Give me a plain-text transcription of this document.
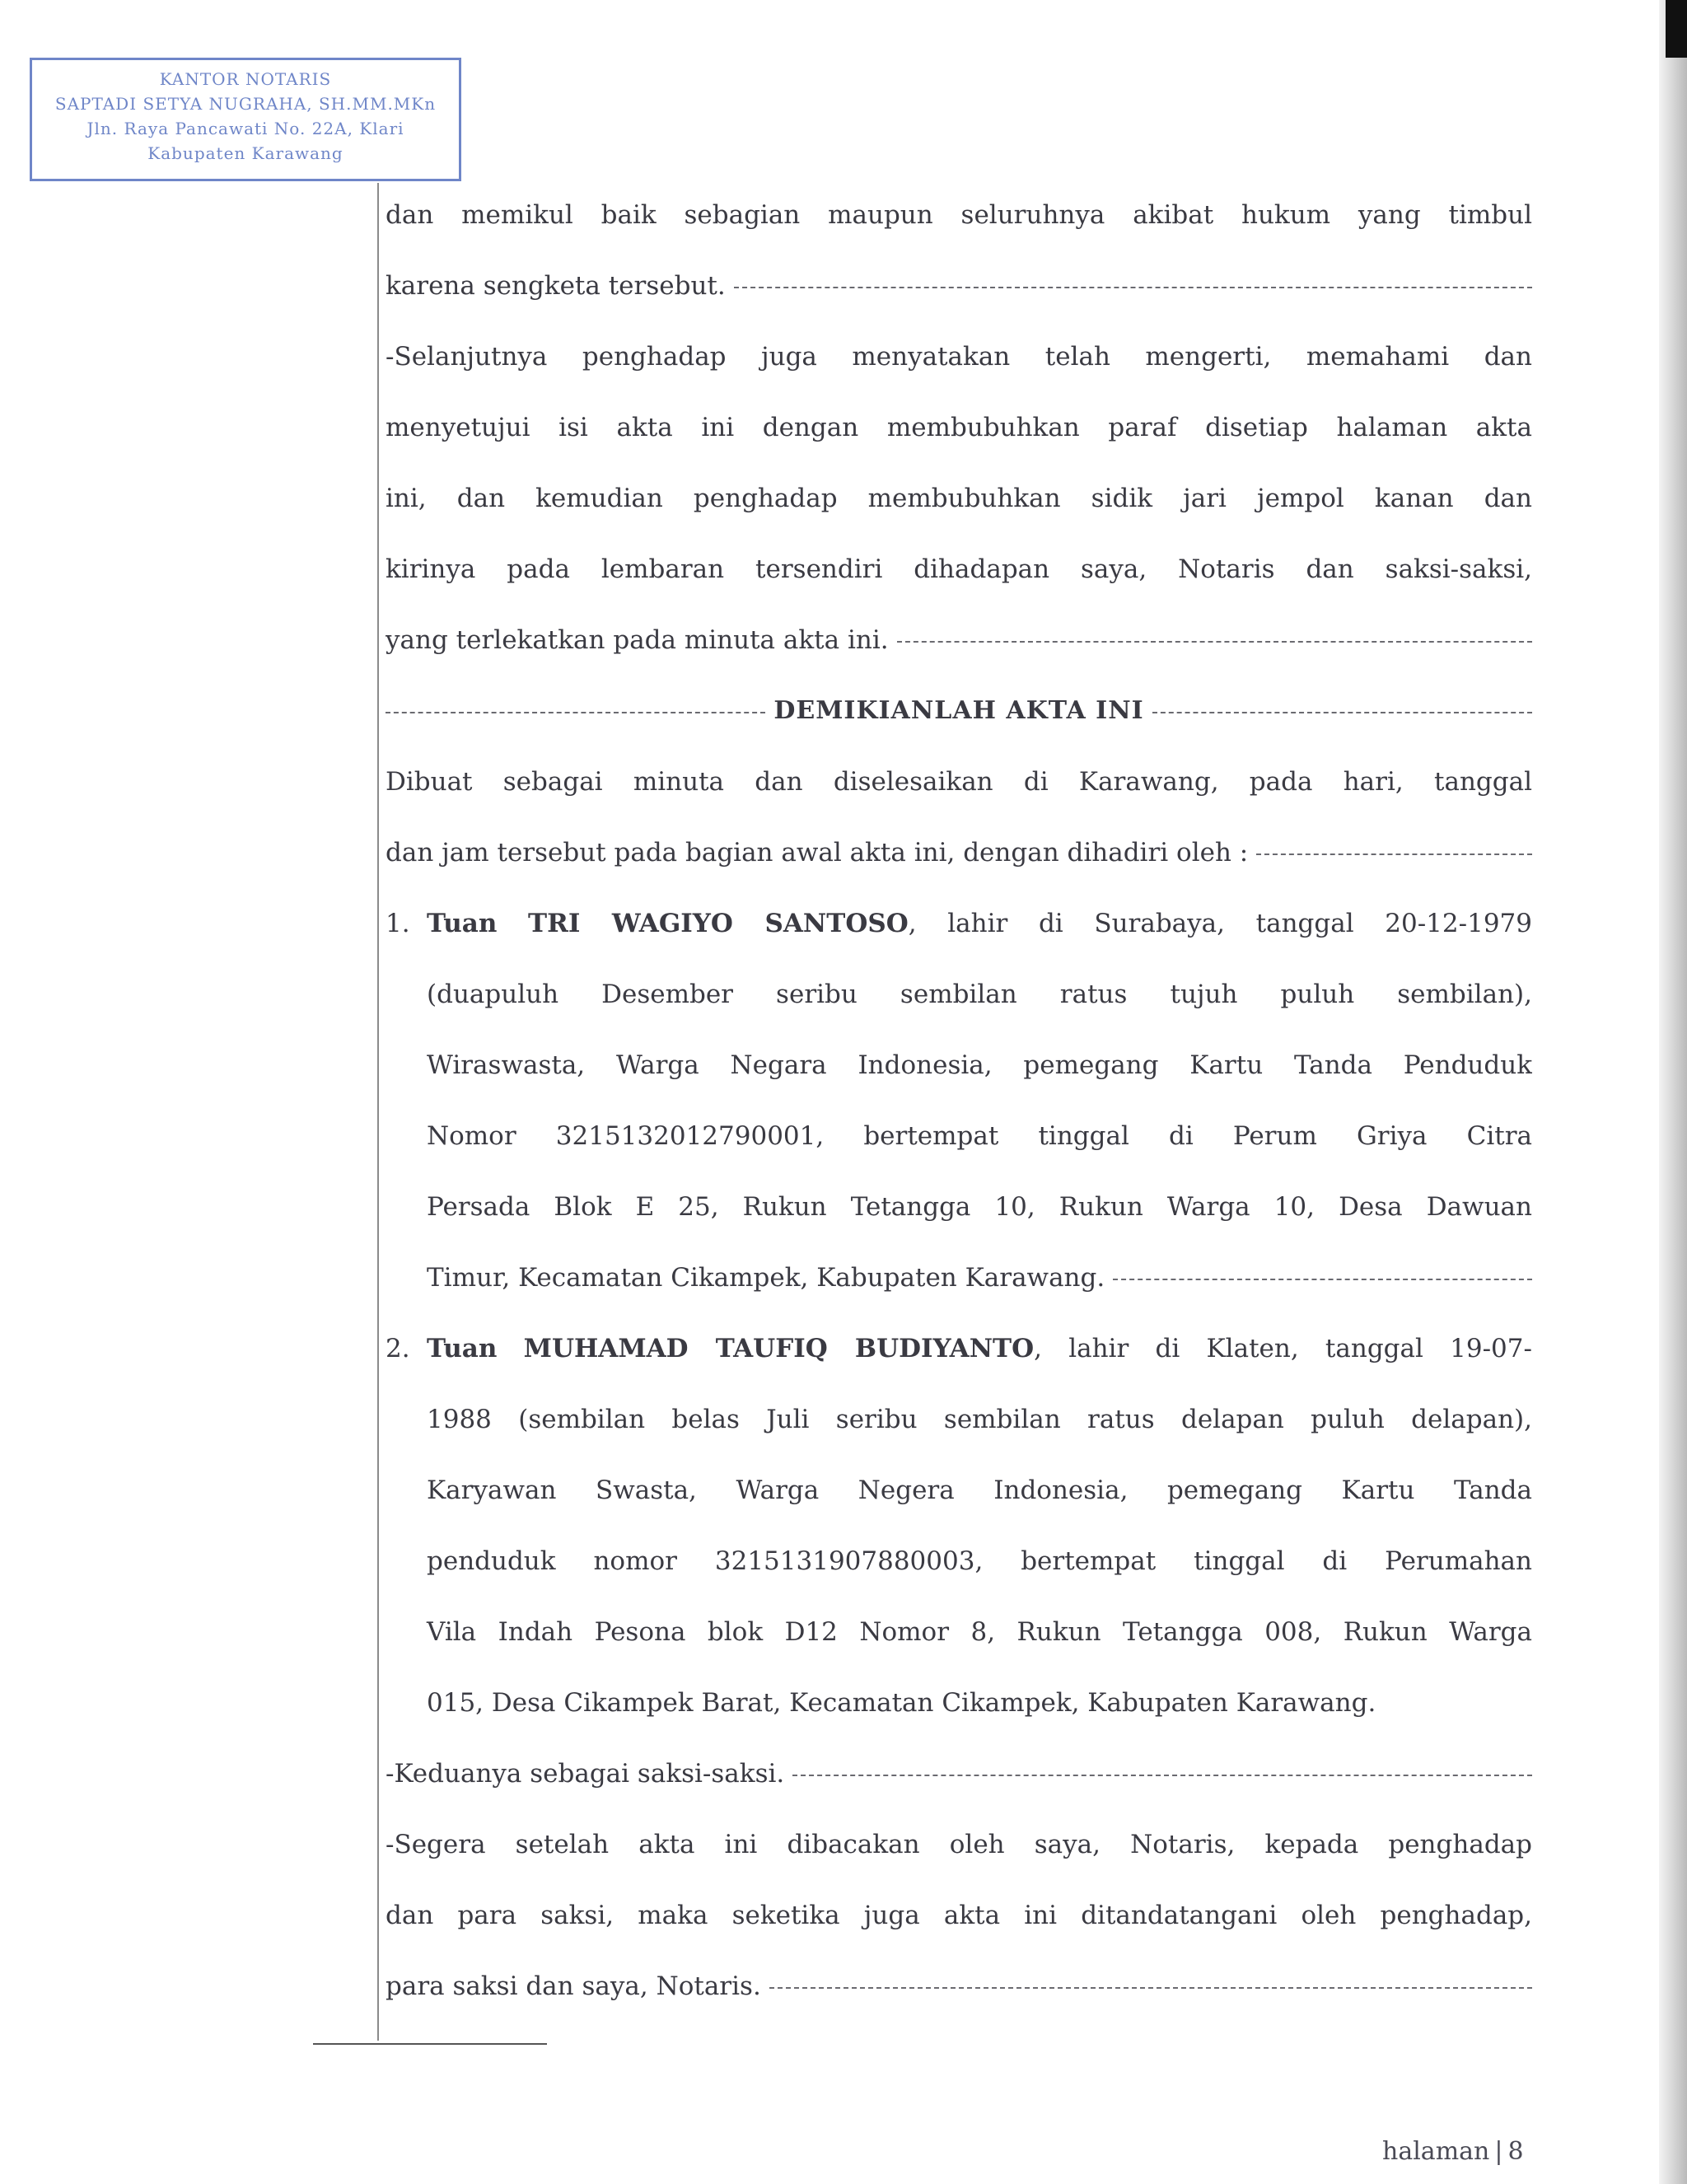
KANTOR NOTARIS
SAPTADI SETYA NUGRAHA, SH.MM.MKn
Jln. Raya Pancawati No. 22A, Klari
Kabupaten Karawang
dan memikul baik sebagian maupun seluruhnya akibat hukum yang timbul
karena sengketa tersebut.
-Selanjutnya penghadap juga menyatakan telah mengerti, memahami dan
menyetujui isi akta ini dengan membubuhkan paraf disetiap halaman akta
ini, dan kemudian penghadap membubuhkan sidik jari jempol kanan dan
kirinya pada lembaran tersendiri dihadapan saya, Notaris dan saksi-saksi,
yang terlekatkan pada minuta akta ini.
DEMIKIANLAH AKTA INI
Dibuat sebagai minuta dan diselesaikan di Karawang, pada hari, tanggal
dan jam tersebut pada bagian awal akta ini, dengan dihadiri oleh :
1. Tuan TRI WAGIYO SANTOSO, lahir di Surabaya, tanggal 20-12-1979
(duapuluh Desember seribu sembilan ratus tujuh puluh sembilan),
Wiraswasta, Warga Negara Indonesia, pemegang Kartu Tanda Penduduk
Nomor 3215132012790001, bertempat tinggal di Perum Griya Citra
Persada Blok E 25, Rukun Tetangga 10, Rukun Warga 10, Desa Dawuan
Timur, Kecamatan Cikampek, Kabupaten Karawang.
2. Tuan MUHAMAD TAUFIQ BUDIYANTO, lahir di Klaten, tanggal 19-07-
1988 (sembilan belas Juli seribu sembilan ratus delapan puluh delapan),
Karyawan Swasta, Warga Negera Indonesia, pemegang Kartu Tanda
penduduk nomor 3215131907880003, bertempat tinggal di Perumahan
Vila Indah Pesona blok D12 Nomor 8, Rukun Tetangga 008, Rukun Warga
015, Desa Cikampek Barat, Kecamatan Cikampek, Kabupaten Karawang.
-Keduanya sebagai saksi-saksi.
-Segera setelah akta ini dibacakan oleh saya, Notaris, kepada penghadap
dan para saksi, maka seketika juga akta ini ditandatangani oleh penghadap,
para saksi dan saya, Notaris.
halaman | 8
